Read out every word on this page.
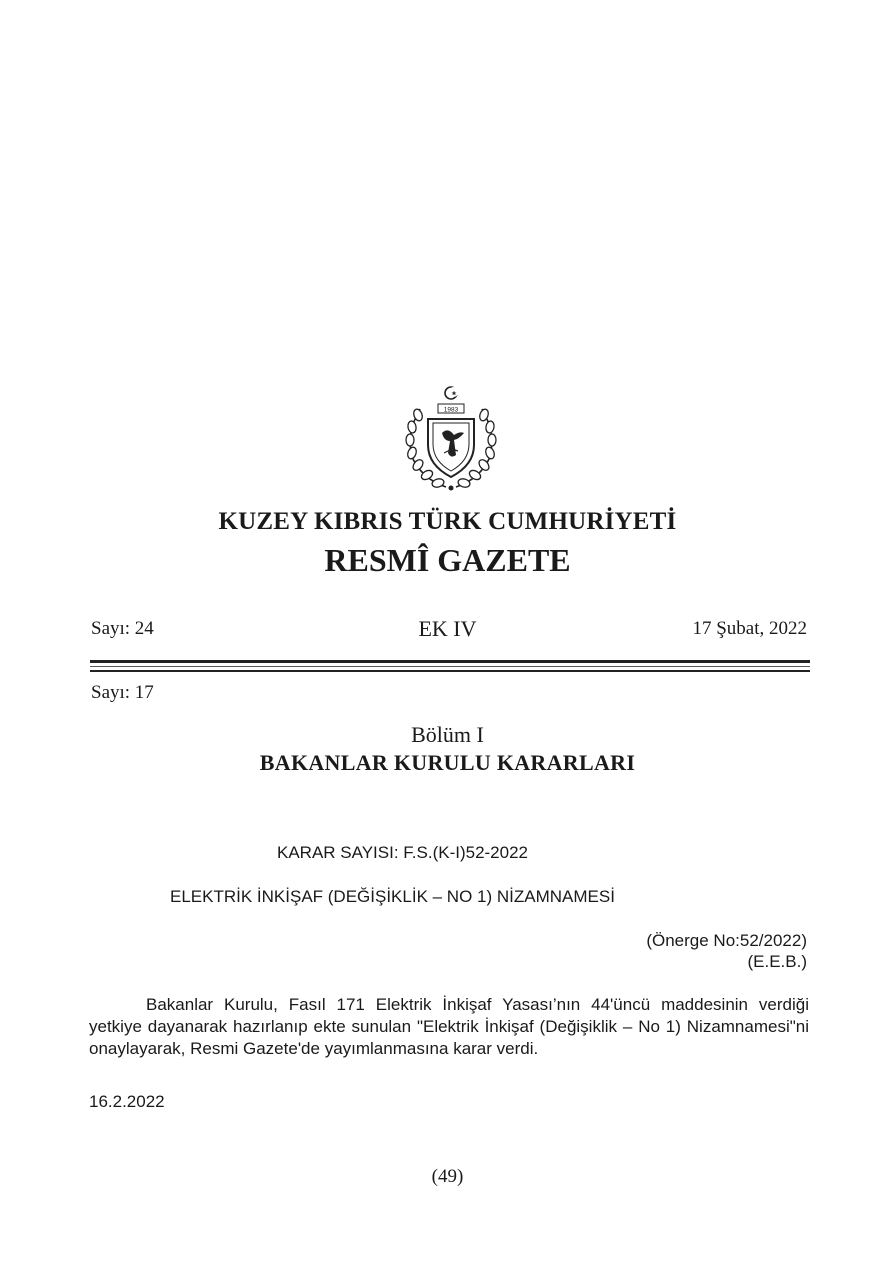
1983
KUZEY KIBRIS TÜRK CUMHURİYETİ
RESMÎ GAZETE
Sayı: 24	EK IV	17 Şubat, 2022
Sayı: 17
Bölüm I
BAKANLAR KURULU KARARLARI
KARAR SAYISI: F.S.(K-I)52-2022
ELEKTRİK İNKİŞAF (DEĞİŞİKLİK – NO 1) NİZAMNAMESİ
(Önerge No:52/2022)
(E.E.B.)
Bakanlar Kurulu, Fasıl 171 Elektrik İnkişaf Yasası’nın 44'üncü maddesinin verdiği yetkiye dayanarak hazırlanıp ekte sunulan "Elektrik İnkişaf (Değişiklik – No 1) Nizamnamesi"ni onaylayarak, Resmi Gazete'de yayımlanmasına karar verdi.
16.2.2022
(49)
